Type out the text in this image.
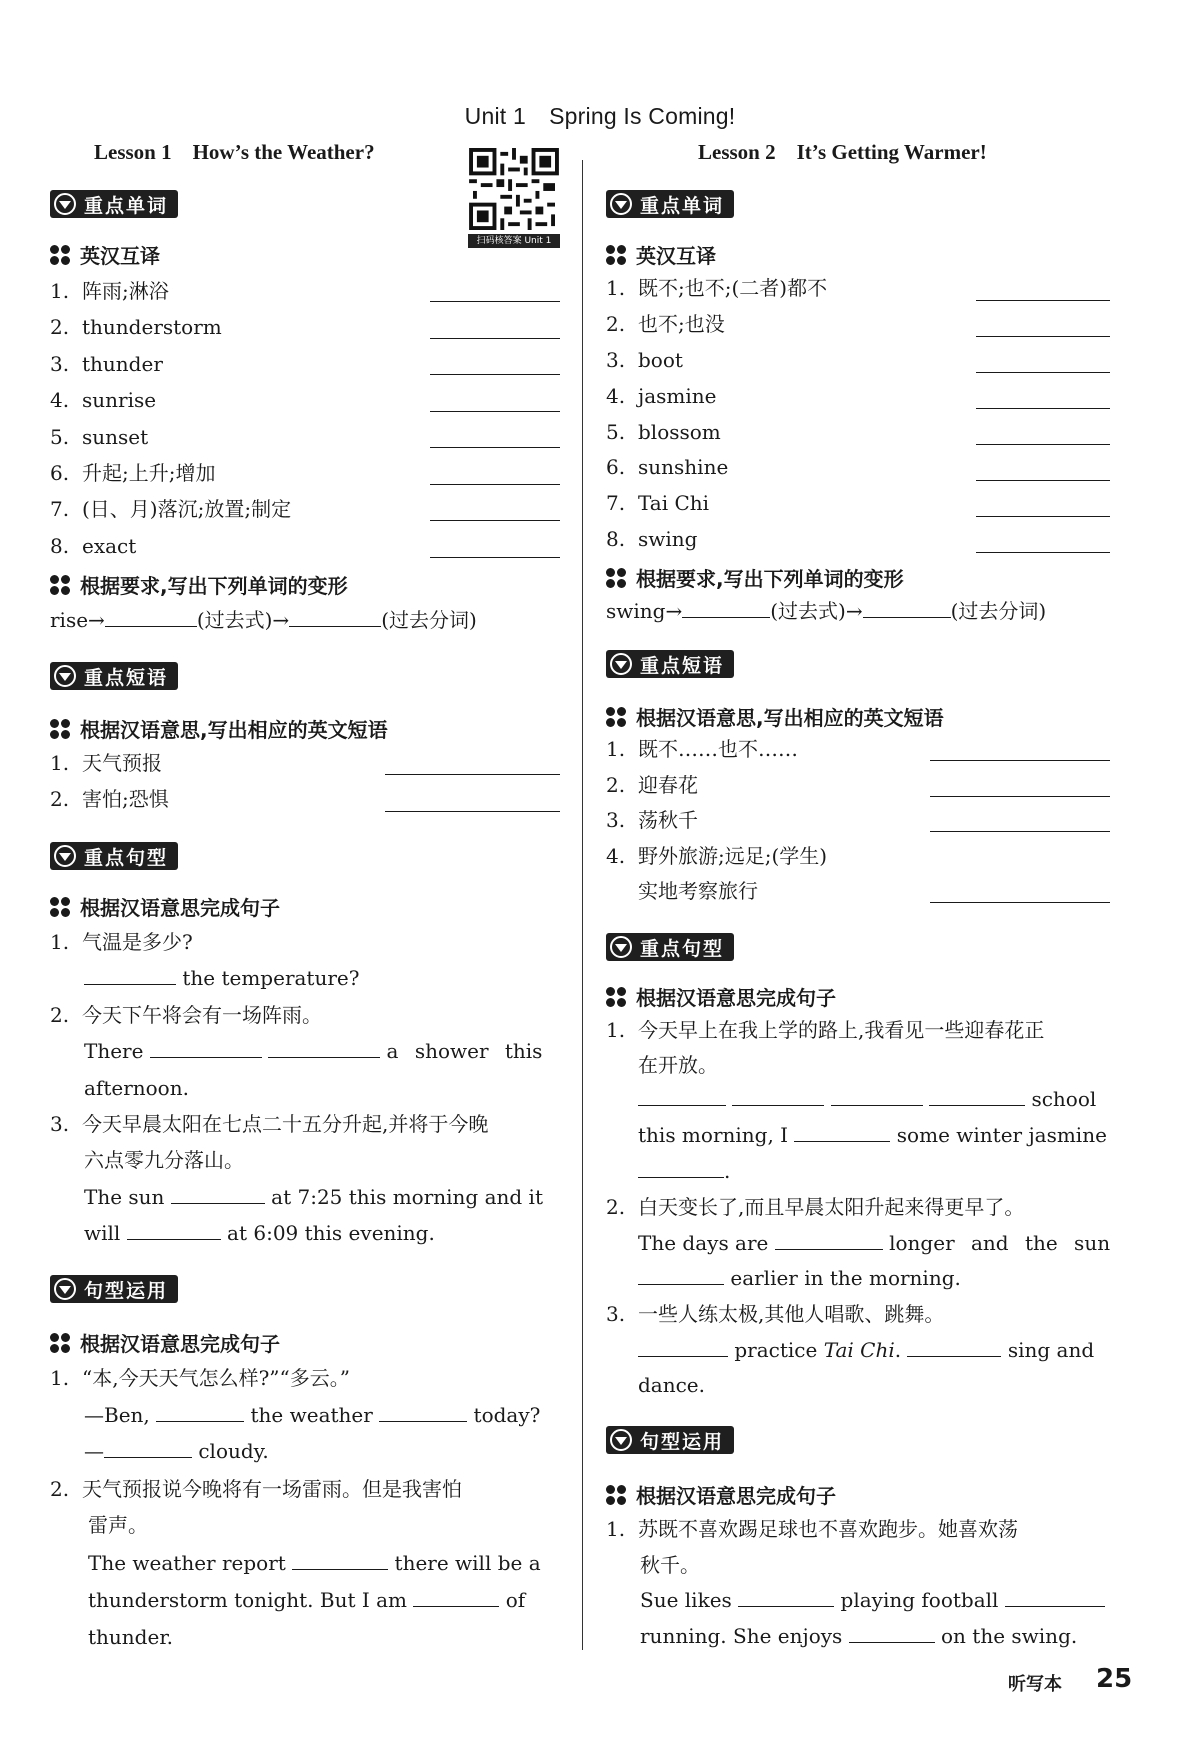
Unit 1　Spring Is Coming!
Lesson 1　How’s the Weather?	Lesson 2　It’s Getting Warmer!
扫码核答案 Unit 1
重点单词
英汉互译
1. 阵雨;淋浴
2. thunderstorm
3. thunder
4. sunrise
5. sunset
6. 升起;上升;增加
7. (日、月)落沉;放置;制定
8. exact
根据要求,写出下列单词的变形
rise→	(过去式)→	(过去分词)
重点短语
根据汉语意思,写出相应的英文短语
1. 天气预报
2. 害怕;恐惧
重点句型
根据汉语意思完成句子
1. 气温是多少?
the temperature?
2. 今天下午将会有一场阵雨。
There	a shower this
afternoon.
3. 今天早晨太阳在七点二十五分升起,并将于今晚
六点零九分落山。
The sun	at 7:25 this morning and it
will	at 6:09 this evening.
句型运用
根据汉语意思完成句子
1. “本,今天天气怎么样?”“多云。”
—Ben,	the weather	today?
—	cloudy.
2. 天气预报说今晚将有一场雷雨。但是我害怕
雷声。
The weather report	there will be a
thunderstorm tonight. But I am	of
thunder.
重点单词
英汉互译
1. 既不;也不;(二者)都不
2. 也不;也没
3. boot
4. jasmine
5. blossom
6. sunshine
7. Tai Chi
8. swing
根据要求,写出下列单词的变形
swing→	(过去式)→	(过去分词)
重点短语
根据汉语意思,写出相应的英文短语
1. 既不……也不……
2. 迎春花
3. 荡秋千
4. 野外旅游;远足;(学生)
实地考察旅行
重点句型
根据汉语意思完成句子
1. 今天早上在我上学的路上,我看见一些迎春花正
在开放。
school
this morning, I	some winter jasmine
.
2. 白天变长了,而且早晨太阳升起来得更早了。
The days are	longer and the sun
earlier in the morning.
3. 一些人练太极,其他人唱歌、跳舞。
practice Tai Chi.	sing and
dance.
句型运用
根据汉语意思完成句子
1. 苏既不喜欢踢足球也不喜欢跑步。她喜欢荡
秋千。
Sue likes	playing football
running. She enjoys	on the swing.
听写本 25
